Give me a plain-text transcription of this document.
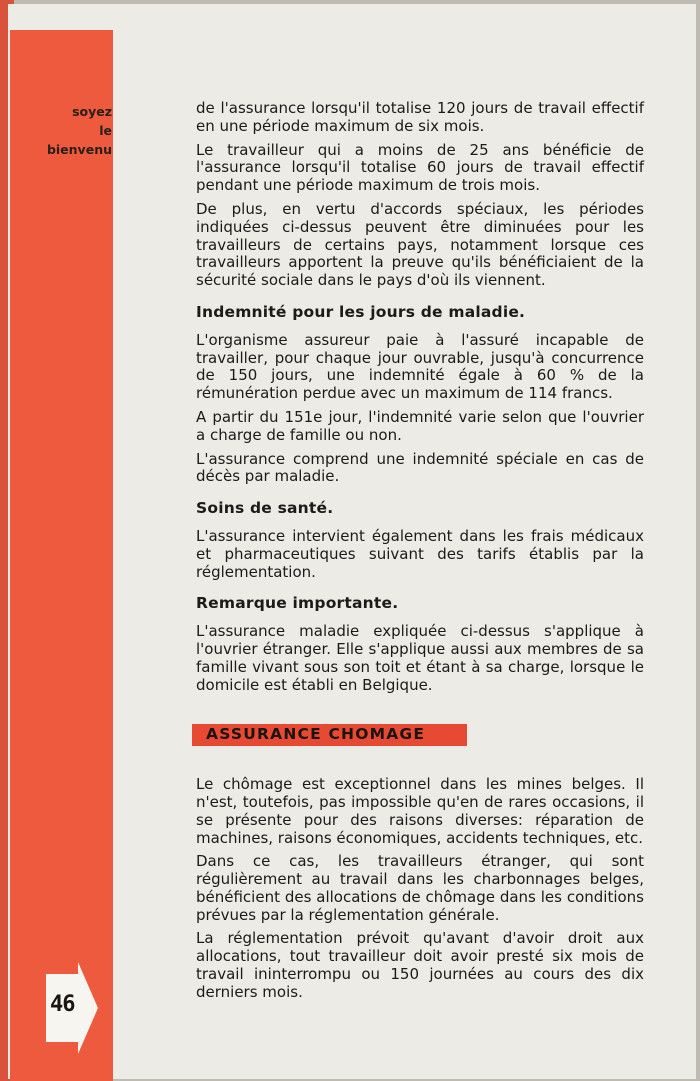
soyez
le
bienvenu

de l'assurance lorsqu'il totalise 120 jours de travail effectif en une période maximum de six mois.

Le travailleur qui a moins de 25 ans bénéficie de l'assurance lorsqu'il totalise 60 jours de travail effectif pendant une période maximum de trois mois.

De plus, en vertu d'accords spéciaux, les périodes indiquées ci-dessus peuvent être diminuées pour les travailleurs de certains pays, notamment lorsque ces travailleurs apportent la preuve qu'ils bénéficiaient de la sécurité sociale dans le pays d'où ils viennent.

Indemnité pour les jours de maladie.

L'organisme assureur paie à l'assuré incapable de travailler, pour chaque jour ouvrable, jusqu'à concurrence de 150 jours, une indemnité égale à 60 % de la rémunération perdue avec un maximum de 114 francs.

A partir du 151e jour, l'indemnité varie selon que l'ouvrier a charge de famille ou non.

L'assurance comprend une indemnité spéciale en cas de décès par maladie.

Soins de santé.

L'assurance intervient également dans les frais médicaux et pharmaceutiques suivant des tarifs établis par la réglementation.

Remarque importante.

L'assurance maladie expliquée ci-dessus s'applique à l'ouvrier étranger. Elle s'applique aussi aux membres de sa famille vivant sous son toit et étant à sa charge, lorsque le domicile est établi en Belgique.

ASSURANCE CHOMAGE

Le chômage est exceptionnel dans les mines belges. Il n'est, toutefois, pas impossible qu'en de rares occasions, il se présente pour des raisons diverses: réparation de machines, raisons économiques, accidents techniques, etc.

Dans ce cas, les travailleurs étranger, qui sont régulièrement au travail dans les charbonnages belges, bénéficient des allocations de chômage dans les conditions prévues par la réglementation générale.

La réglementation prévoit qu'avant d'avoir droit aux allocations, tout travailleur doit avoir presté six mois de travail ininterrompu ou 150 journées au cours des dix derniers mois.

46
